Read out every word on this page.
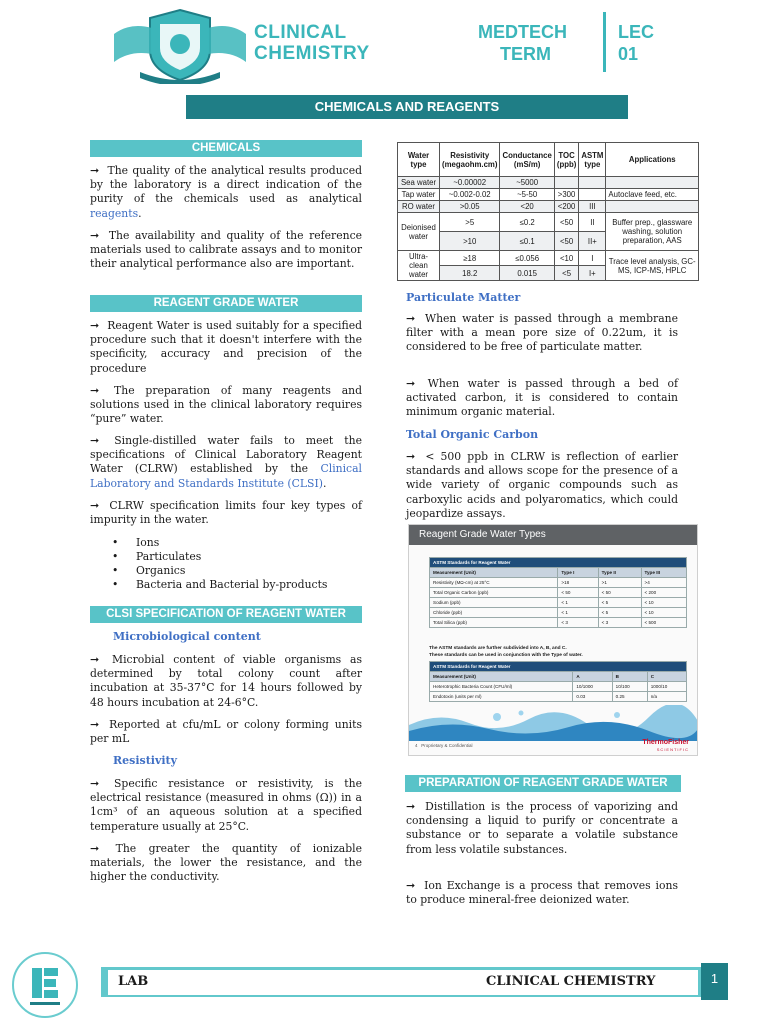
CLINICAL
CHEMISTRY
MEDTECH
TERM
LEC
01
CHEMICALS AND REAGENTS
CHEMICALS
➞ The quality of the analytical results produced by the laboratory is a direct indication of the purity of the chemicals used as analytical reagents.
➞ The availability and quality of the reference materials used to calibrate assays and to monitor their analytical performance also are important.
REAGENT GRADE WATER
➞ Reagent Water is used suitably for a specified procedure such that it doesn't interfere with the specificity, accuracy and precision of the procedure
➞ The preparation of many reagents and solutions used in the clinical laboratory requires “pure” water.
➞ Single-distilled water fails to meet the specifications of Clinical Laboratory Reagent Water (CLRW) established by the Clinical Laboratory and Standards Institute (CLSI).
➞ CLRW specification limits four key types of impurity in the water.
• Ions
• Particulates
• Organics
• Bacteria and Bacterial by-products
CLSI SPECIFICATION OF REAGENT WATER
Microbiological content
➞ Microbial content of viable organisms as determined by total colony count after incubation at 35-37°C for 14 hours followed by 48 hours incubation at 24-6°C.
➞ Reported at cfu/mL or colony forming units per mL
Resistivity
➞ Specific resistance or resistivity, is the electrical resistance (measured in ohms (Ω)) in a 1cm³ of an aqueous solution at a specified temperature usually at 25°C.
➞ The greater the quantity of ionizable materials, the lower the resistance, and the higher the conductivity.
Water type	Resistivity (megaohm.cm)	Conductance (mS/m)	TOC (ppb)	ASTM type	Applications
Sea water	~0.00002	~5000			
Tap water	~0.002-0.02	~5-50	>300		Autoclave feed, etc.
RO water	>0.05	<20	<200	III	
Deionised water	>5	≤0.2	<50	II	Buffer prep., glassware washing, solution preparation, AAS
	>10	≤0.1	<50	II+	
Ultra-clean water	≥18	≤0.056	<10	I	Trace level analysis, GC-MS, ICP-MS, HPLC
	18.2	0.015	<5	I+	
Particulate Matter
➞ When water is passed through a membrane filter with a mean pore size of 0.22um, it is considered to be free of particulate matter.
➞ When water is passed through a bed of activated carbon, it is considered to contain minimum organic material.
Total Organic Carbon
➞ < 500 ppb in CLRW is reflection of earlier standards and allows scope for the presence of a wide variety of organic compounds such as carboxylic acids and polyaromatics, which could jeopardize assays.
Reagent Grade Water Types
ASTM Standards for Reagent Water			
Measurement (Unit)	Type I	Type II	Type III
Resistivity (MΩ-cm) at 25°C	>18	>1	>4
Total Organic Carbon (ppb)	< 50	< 50	< 200
Sodium (ppb)	< 1	< 5	< 10
Chloride (ppb)	< 1	< 5	< 10
Total Silica (ppb)	< 3	< 3	< 500
The ASTM standards are further subdivided into A, B, and C.
These standards can be used in conjunction with the Type of water.
ASTM Standards for Reagent Water			
Measurement (Unit)	A	B	C
Heterotrophic Bacteria Count (CFU/ml)	10/1000	10/100	1000/10
Endotoxin (units per ml)	0.03	0.25	n/a
4 Proprietary & Confidential	ThermoFisher
SCIENTIFIC
PREPARATION OF REAGENT GRADE WATER
➞ Distillation is the process of vaporizing and condensing a liquid to purify or concentrate a substance or to separate a volatile substance from less volatile substances.
➞ Ion Exchange is a process that removes ions to produce mineral-free deionized water.
LAB	CLINICAL CHEMISTRY	1
